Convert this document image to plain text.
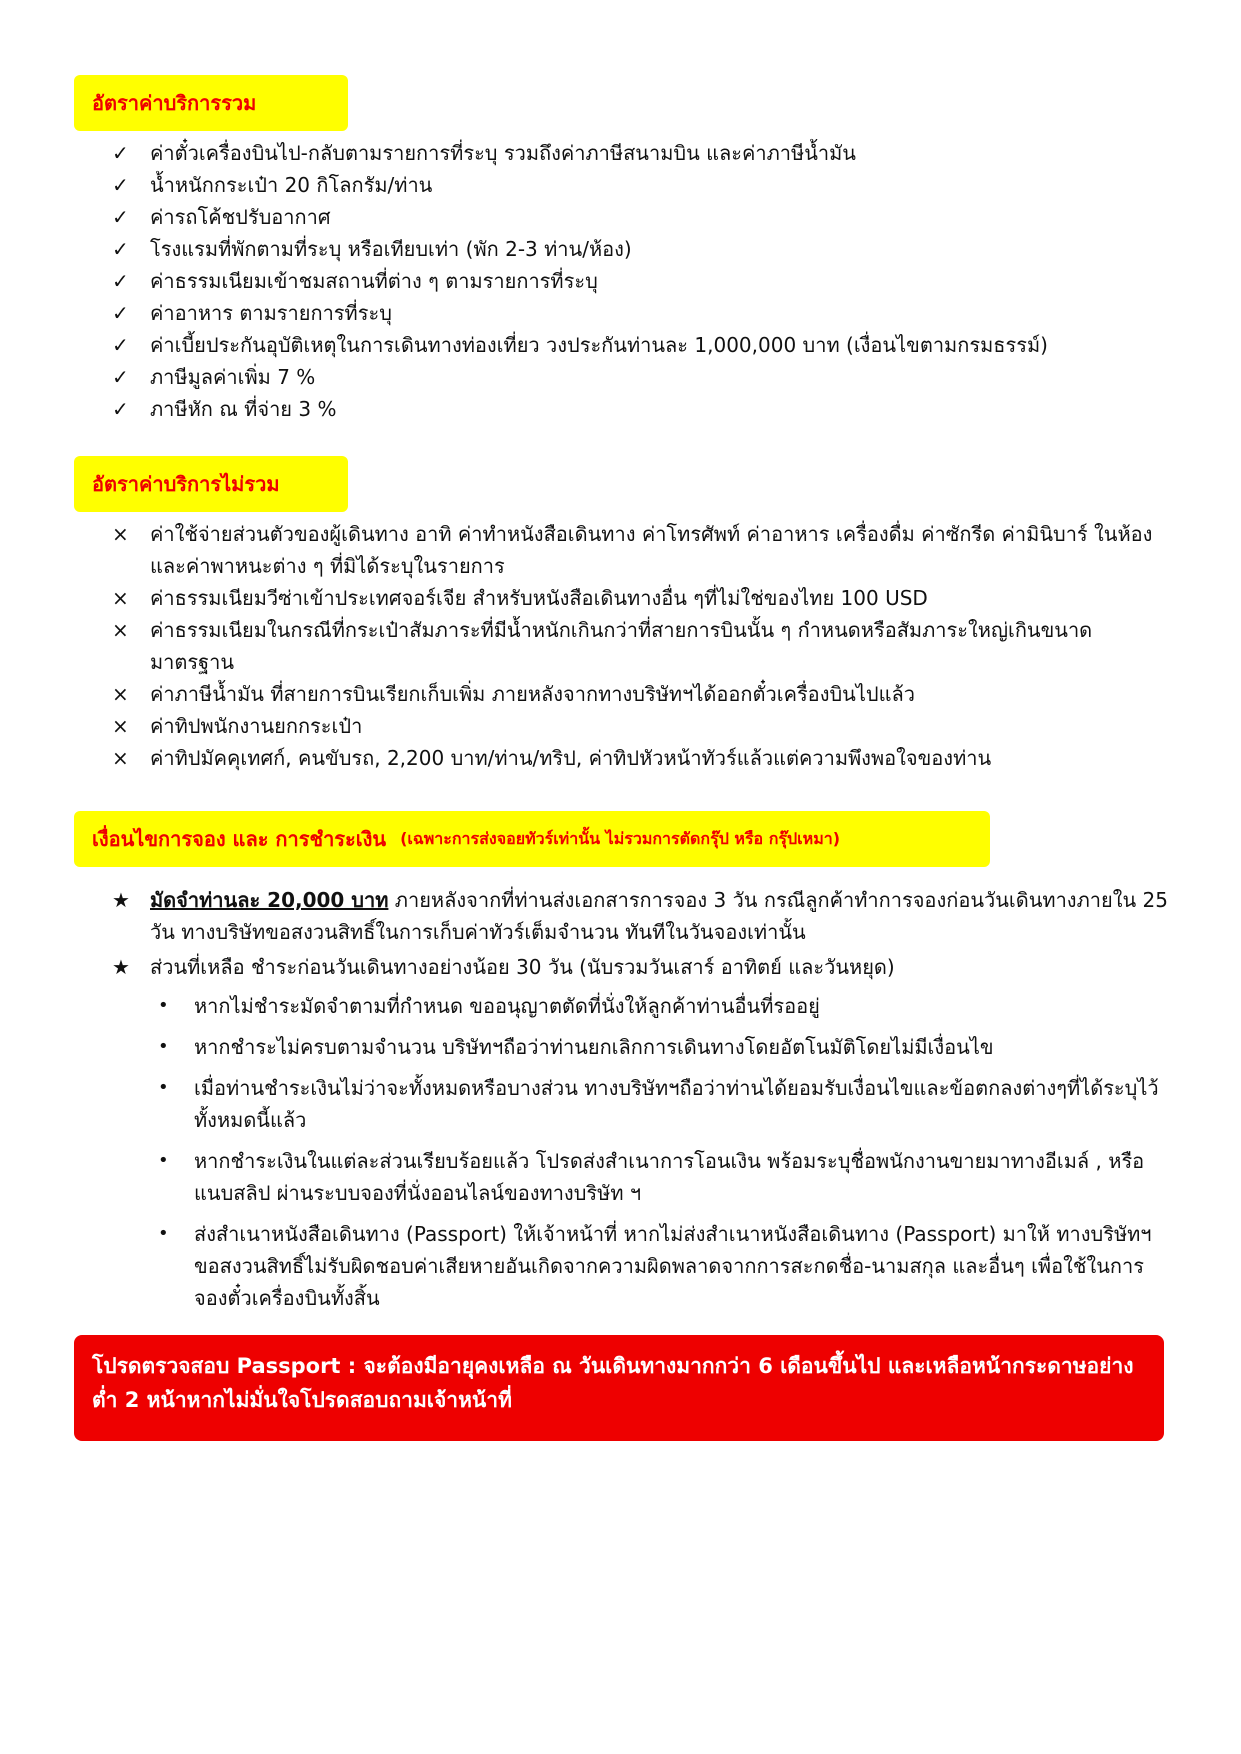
อัตราค่าบริการรวม
✓	ค่าตั๋วเครื่องบินไป-กลับตามรายการที่ระบุ รวมถึงค่าภาษีสนามบิน และค่าภาษีน้ำมัน
✓	น้ำหนักกระเป๋า 20 กิโลกรัม/ท่าน
✓	ค่ารถโค้ชปรับอากาศ
✓	โรงแรมที่พักตามที่ระบุ หรือเทียบเท่า (พัก 2-3 ท่าน/ห้อง)
✓	ค่าธรรมเนียมเข้าชมสถานที่ต่าง ๆ ตามรายการที่ระบุ
✓	ค่าอาหาร ตามรายการที่ระบุ
✓	ค่าเบี้ยประกันอุบัติเหตุในการเดินทางท่องเที่ยว วงประกันท่านละ 1,000,000 บาท (เงื่อนไขตามกรมธรรม์)
✓	ภาษีมูลค่าเพิ่ม 7 %
✓	ภาษีหัก ณ ที่จ่าย 3 %
อัตราค่าบริการไม่รวม
×	ค่าใช้จ่ายส่วนตัวของผู้เดินทาง อาทิ ค่าทำหนังสือเดินทาง ค่าโทรศัพท์ ค่าอาหาร เครื่องดื่ม ค่าซักรีด ค่ามินิบาร์ ในห้องและค่าพาหนะต่าง ๆ ที่มิได้ระบุในรายการ
×	ค่าธรรมเนียมวีซ่าเข้าประเทศจอร์เจีย สำหรับหนังสือเดินทางอื่น ๆที่ไม่ใช่ของไทย 100 USD
×	ค่าธรรมเนียมในกรณีที่กระเป๋าสัมภาระที่มีน้ำหนักเกินกว่าที่สายการบินนั้น ๆ กำหนดหรือสัมภาระใหญ่เกินขนาด มาตรฐาน
×	ค่าภาษีน้ำมัน ที่สายการบินเรียกเก็บเพิ่ม ภายหลังจากทางบริษัทฯได้ออกตั๋วเครื่องบินไปแล้ว
×	ค่าทิปพนักงานยกกระเป๋า
×	ค่าทิปมัคคุเทศก์, คนขับรถ, 2,200 บาท/ท่าน/ทริป, ค่าทิปหัวหน้าทัวร์แล้วแต่ความพึงพอใจของท่าน
เงื่อนไขการจอง และ การชำระเงิน (เฉพาะการส่งจอยทัวร์เท่านั้น ไม่รวมการตัดกรุ๊ป หรือ กรุ๊ปเหมา)
★	มัดจำท่านละ 20,000 บาท ภายหลังจากที่ท่านส่งเอกสารการจอง 3 วัน กรณีลูกค้าทำการจองก่อนวันเดินทางภายใน 25 วัน ทางบริษัทขอสงวนสิทธิ์ในการเก็บค่าทัวร์เต็มจำนวน ทันทีในวันจองเท่านั้น
★	ส่วนที่เหลือ ชำระก่อนวันเดินทางอย่างน้อย 30 วัน (นับรวมวันเสาร์ อาทิตย์ และวันหยุด)
•	หากไม่ชำระมัดจำตามที่กำหนด ขออนุญาตตัดที่นั่งให้ลูกค้าท่านอื่นที่รออยู่
•	หากชำระไม่ครบตามจำนวน บริษัทฯถือว่าท่านยกเลิกการเดินทางโดยอัตโนมัติโดยไม่มีเงื่อนไข
•	เมื่อท่านชำระเงินไม่ว่าจะทั้งหมดหรือบางส่วน ทางบริษัทฯถือว่าท่านได้ยอมรับเงื่อนไขและข้อตกลงต่างๆที่ได้ระบุไว้ทั้งหมดนี้แล้ว
•	หากชำระเงินในแต่ละส่วนเรียบร้อยแล้ว โปรดส่งสำเนาการโอนเงิน พร้อมระบุชื่อพนักงานขายมาทางอีเมล์ , หรือแนบสลิป ผ่านระบบจองที่นั่งออนไลน์ของทางบริษัท ฯ
•	ส่งสำเนาหนังสือเดินทาง (Passport) ให้เจ้าหน้าที่ หากไม่ส่งสำเนาหนังสือเดินทาง (Passport) มาให้ ทางบริษัทฯขอสงวนสิทธิ์ไม่รับผิดชอบค่าเสียหายอันเกิดจากความผิดพลาดจากการสะกดชื่อ-นามสกุล และอื่นๆ เพื่อใช้ในการจองตั๋วเครื่องบินทั้งสิ้น
โปรดตรวจสอบ Passport : จะต้องมีอายุคงเหลือ ณ วันเดินทางมากกว่า 6 เดือนขึ้นไป และเหลือหน้ากระดาษอย่างต่ำ 2 หน้าหากไม่มั่นใจโปรดสอบถามเจ้าหน้าที่
